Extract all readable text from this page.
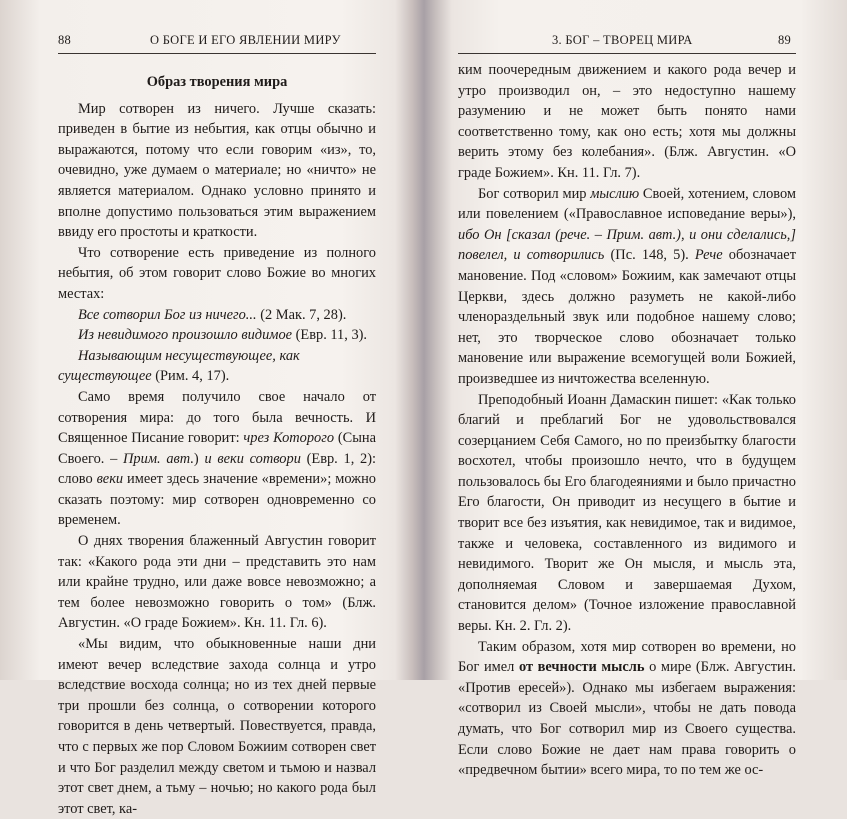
88	О БОГЕ И ЕГО ЯВЛЕНИИ МИРУ

Образ творения мира

Мир сотворен из ничего. Лучше сказать: приведен в бытие из небытия, как отцы обычно и выражаются, потому что если говорим «из», то, очевидно, уже думаем о материале; но «ничто» не является материалом. Однако условно принято и вполне допустимо пользоваться этим выражением ввиду его простоты и краткости.

Что сотворение есть приведение из полного небытия, об этом говорит слово Божие во многих местах:

Все сотворил Бог из ничего... (2 Мак. 7, 28).

Из невидимого произошло видимое (Евр. 11, 3).

Называющим несуществующее, как существующее (Рим. 4, 17).

Само время получило свое начало от сотворения мира: до того была вечность. И Священное Писание говорит: чрез Которого (Сына Своего. – Прим. авт.) и веки сотвори (Евр. 1, 2): слово веки имеет здесь значение «времени»; можно сказать поэтому: мир сотворен одновременно со временем.

О днях творения блаженный Августин говорит так: «Какого рода эти дни – представить это нам или крайне трудно, или даже вовсе невозможно; а тем более невозможно говорить о том» (Блж. Августин. «О граде Божием». Кн. 11. Гл. 6).

«Мы видим, что обыкновенные наши дни имеют вечер вследствие захода солнца и утро вследствие восхода солнца; но из тех дней первые три прошли без солнца, о сотворении которого говорится в день четвертый. Повествуется, правда, что с первых же пор Словом Божиим сотворен свет и что Бог разделил между светом и тьмою и назвал этот свет днем, а тьму – ночью; но какого рода был этот свет, ка-

3. БОГ – ТВОРЕЦ МИРА	89

ким поочередным движением и какого рода вечер и утро производил он, – это недоступно нашему разумению и не может быть понято нами соответственно тому, как оно есть; хотя мы должны верить этому без колебания». (Блж. Августин. «О граде Божием». Кн. 11. Гл. 7).

Бог сотворил мир мыслию Своей, хотением, словом или повелением («Православное исповедание веры»), ибо Он [сказал (рече. – Прим. авт.), и они сделались,] повелел, и сотворились (Пс. 148, 5). Рече обозначает мановение. Под «словом» Божиим, как замечают отцы Церкви, здесь должно разуметь не какой-либо членораздельный звук или подобное нашему слово; нет, это творческое слово обозначает только мановение или выражение всемогущей воли Божией, произведшее из ничтожества вселенную.

Преподобный Иоанн Дамаскин пишет: «Как только благий и преблагий Бог не удовольствовался созерцанием Себя Самого, но по преизбытку благости восхотел, чтобы произошло нечто, что в будущем пользовалось бы Его благодеяниями и было причастно Его благости, Он приводит из несущего в бытие и творит все без изъятия, как невидимое, так и видимое, также и человека, составленного из видимого и невидимого. Творит же Он мысля, и мысль эта, дополняемая Словом и завершаемая Духом, становится делом» (Точное изложение православной веры. Кн. 2. Гл. 2).

Таким образом, хотя мир сотворен во времени, но Бог имел от вечности мысль о мире (Блж. Августин. «Против ересей»). Однако мы избегаем выражения: «сотворил из Своей мысли», чтобы не дать повода думать, что Бог сотворил мир из Своего существа. Если слово Божие не дает нам права говорить о «предвечном бытии» всего мира, то по тем же ос-
